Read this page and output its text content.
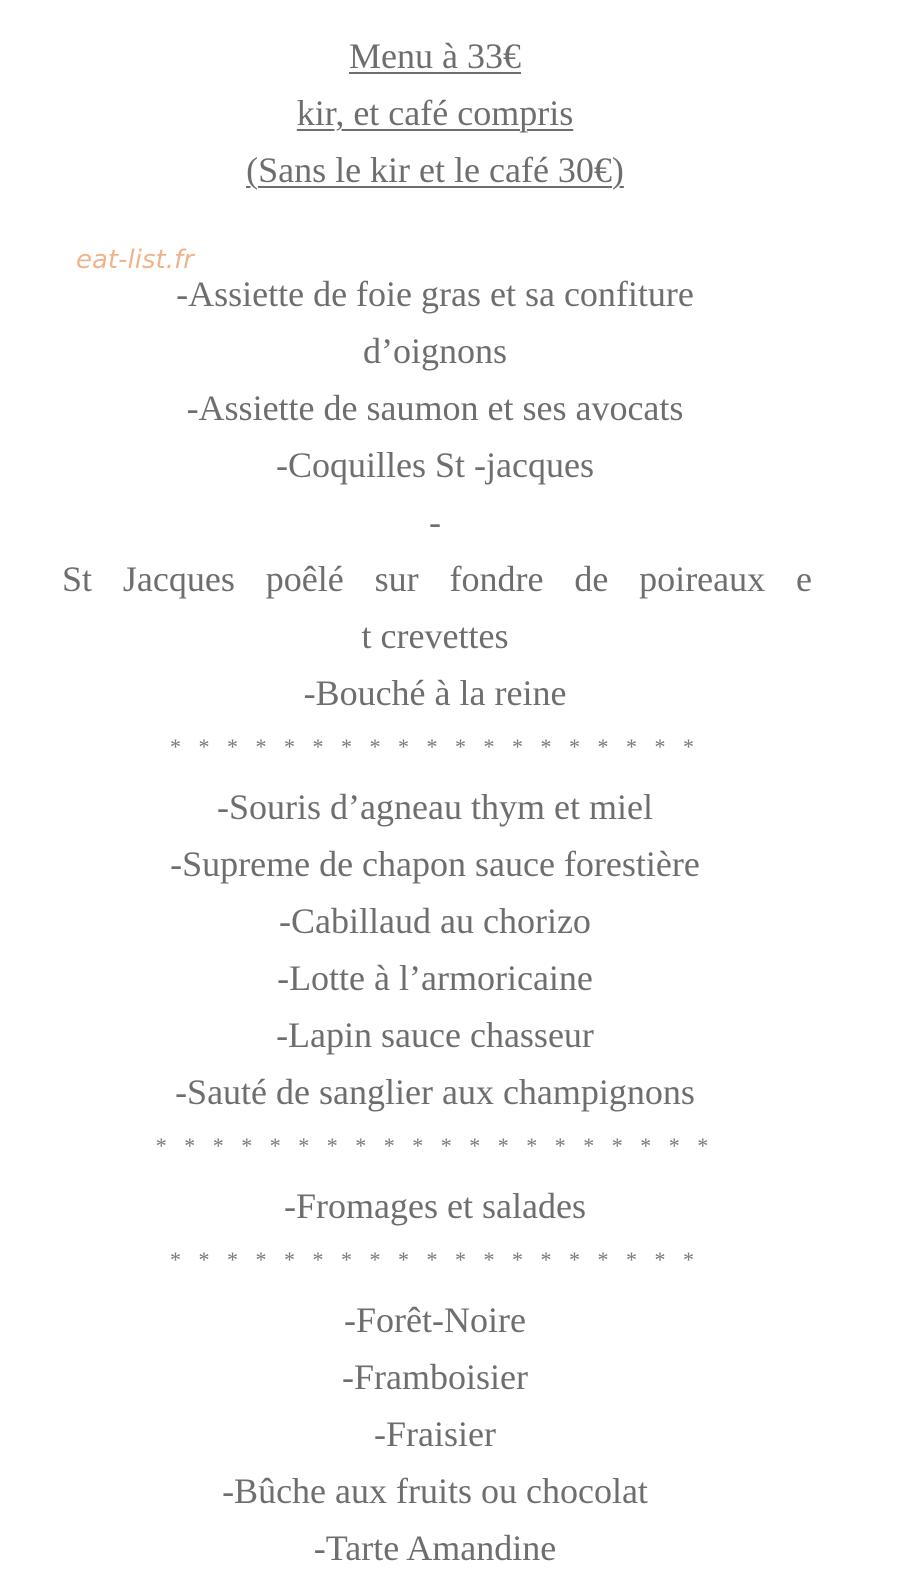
Menu à 33€
kir, et café compris
(Sans le kir et le café 30€)
eat-list.fr
-Assiette de foie gras et sa confiture
d’oignons
-Assiette de saumon et ses avocats
-Coquilles St -jacques
-
St Jacques poêlé sur fondre de poireaux e
t crevettes
-Bouché à la reine
* * * * * * * * * * * * * * * * * * *
-Souris d’agneau thym et miel
-Supreme de chapon sauce forestière
-Cabillaud au chorizo
-Lotte à l’armoricaine
-Lapin sauce chasseur
-Sauté de sanglier aux champignons
* * * * * * * * * * * * * * * * * * * *
-Fromages et salades
* * * * * * * * * * * * * * * * * * *
-Forêt-Noire
-Framboisier
-Fraisier
-Bûche aux fruits ou chocolat
-Tarte Amandine
